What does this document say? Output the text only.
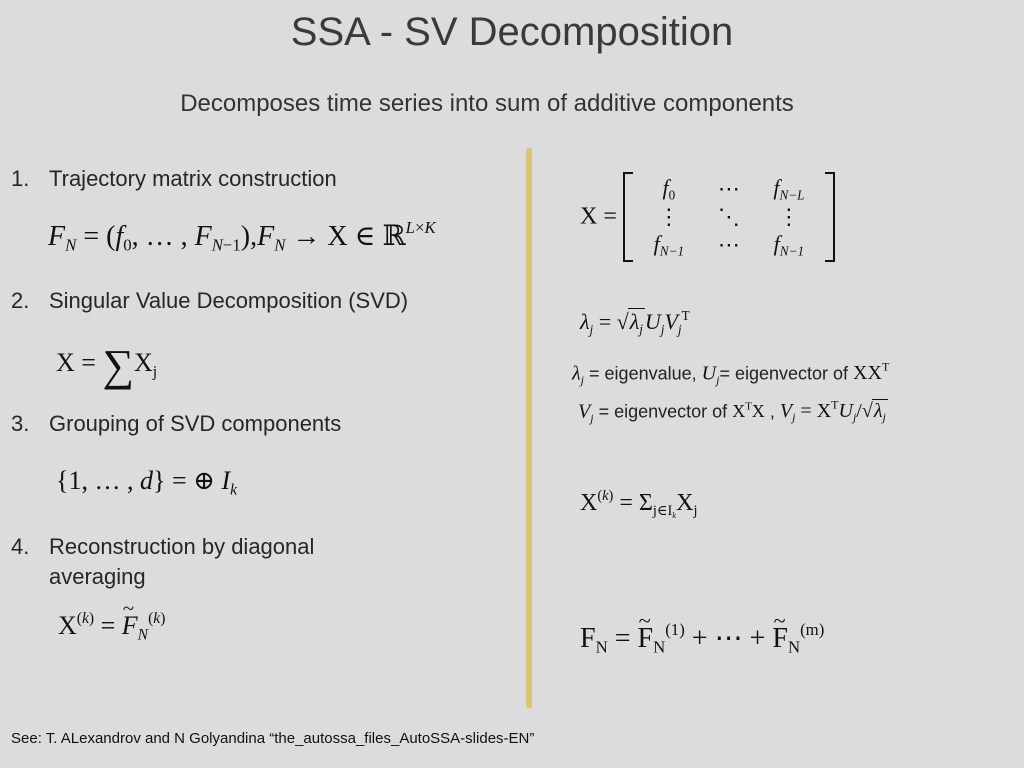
SSA - SV Decomposition
Decomposes time series into sum of additive components
1. Trajectory matrix construction
2. Singular Value Decomposition (SVD)
3. Grouping of SVD components
4. Reconstruction by diagonal averaging
$F_N = (f_0$, … , $F_{N-1}),F_N \to X$ ∈ ℝ$^{L\times K}$
$X = \sum X_j$
{1, … , d} = ⊕ $I_k$
$X^{(k)}$ = ~ $F_N^{(k)}$
X =
$f_0$ ⋯ $f_{N-L}$
⋮ ⋱ ⋮
$f_{N-1}$ ⋯ $f_{N-1}$
$\lambda_j = √\lambda_jU_jV_j^T$
$\lambda_j$ = eigenvalue, $U_j=$ eigenvector of $XX^T$
$V_j$ = eigenvector of $X^TX$ , $V_j = X^TU_j/√\lambda_j$
$X^{(k)} = \Sigma_{j\in I_k}X_j$
$F_N$ = ~ $F_N^{(1)}$ + ⋯ + ~ $F_N^{(m)}$
See: T. ALexandrov and N Golyandina “the_autossa_files_AutoSSA-slides-EN”
